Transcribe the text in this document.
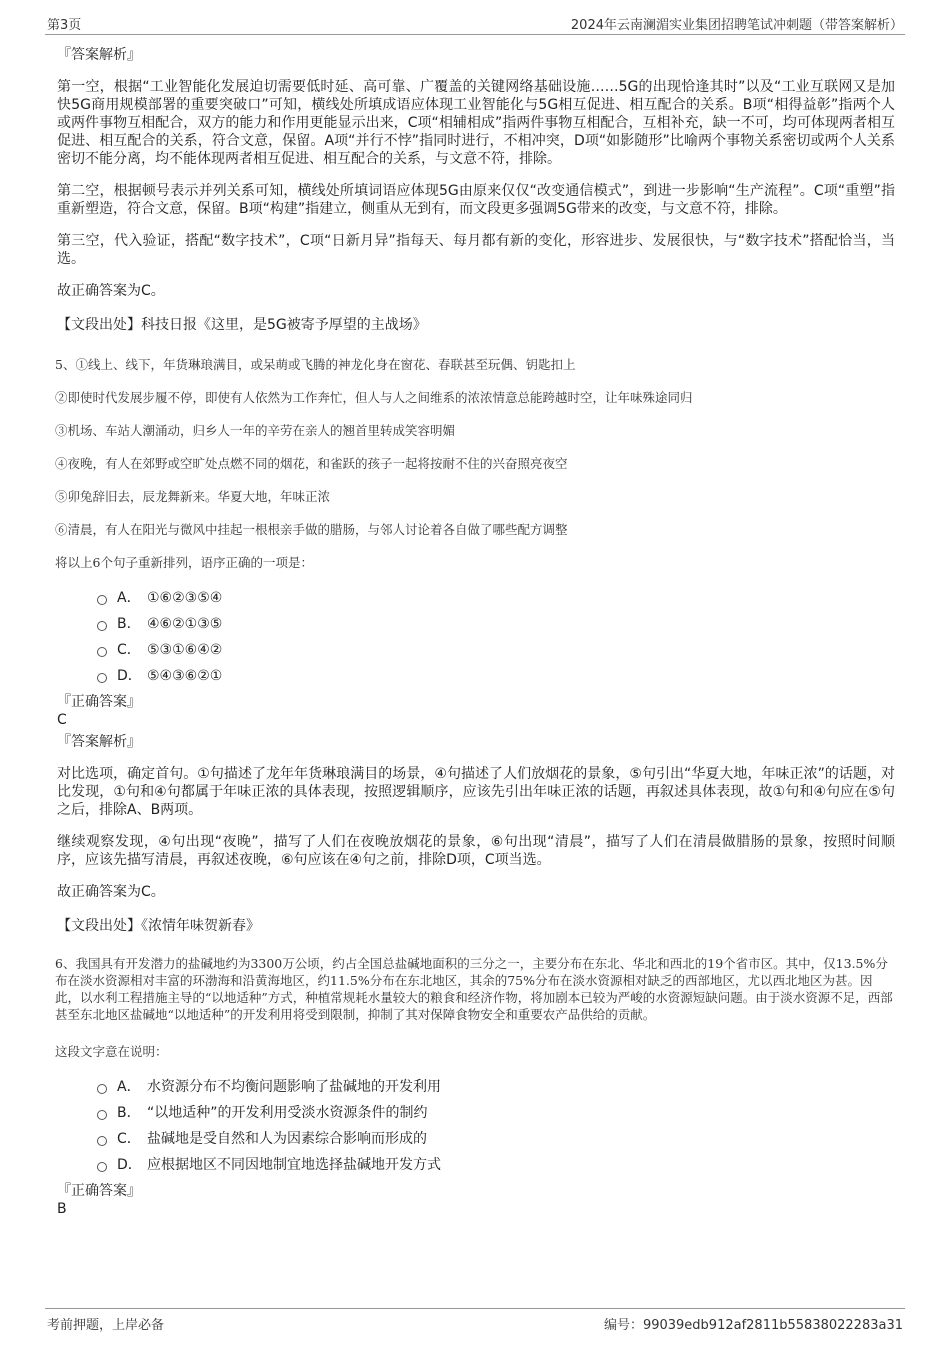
第3页	2024年云南澜湄实业集团招聘笔试冲刺题（带答案解析）
『答案解析』
第一空，根据“工业智能化发展迫切需要低时延、高可靠、广覆盖的关键网络基础设施……5G的出现恰逢其时”以及“工业互联网又是加快5G商用规模部署的重要突破口”可知，横线处所填成语应体现工业智能化与5G相互促进、相互配合的关系。B项“相得益彰”指两个人或两件事物互相配合，双方的能力和作用更能显示出来，C项“相辅相成”指两件事物互相配合，互相补充，缺一不可，均可体现两者相互促进、相互配合的关系，符合文意，保留。A项“并行不悖”指同时进行，不相冲突，D项“如影随形”比喻两个事物关系密切或两个人关系密切不能分离，均不能体现两者相互促进、相互配合的关系，与文意不符，排除。
第二空，根据顿号表示并列关系可知，横线处所填词语应体现5G由原来仅仅“改变通信模式”，到进一步影响“生产流程”。C项“重塑”指重新塑造，符合文意，保留。B项“构建”指建立，侧重从无到有，而文段更多强调5G带来的改变，与文意不符，排除。
第三空，代入验证，搭配“数字技术”，C项“日新月异”指每天、每月都有新的变化，形容进步、发展很快，与“数字技术”搭配恰当，当选。
故正确答案为C。
【文段出处】科技日报《这里，是5G被寄予厚望的主战场》
5、①线上、线下，年货琳琅满目，或呆萌或飞腾的神龙化身在窗花、春联甚至玩偶、钥匙扣上
②即使时代发展步履不停，即使有人依然为工作奔忙，但人与人之间维系的浓浓情意总能跨越时空，让年味殊途同归
③机场、车站人潮涌动，归乡人一年的辛劳在亲人的翘首里转成笑容明媚
④夜晚，有人在郊野或空旷处点燃不同的烟花，和雀跃的孩子一起将按耐不住的兴奋照亮夜空
⑤卯兔辞旧去，辰龙舞新来。华夏大地，年味正浓
⑥清晨，有人在阳光与微风中挂起一根根亲手做的腊肠，与邻人讨论着各自做了哪些配方调整
将以上6个句子重新排列，语序正确的一项是：
A． ①⑥②③⑤④
B． ④⑥②①③⑤
C． ⑤③①⑥④②
D． ⑤④③⑥②①
『正确答案』
C
『答案解析』
对比选项，确定首句。①句描述了龙年年货琳琅满目的场景，④句描述了人们放烟花的景象，⑤句引出“华夏大地，年味正浓”的话题，对比发现，①句和④句都属于年味正浓的具体表现，按照逻辑顺序，应该先引出年味正浓的话题，再叙述具体表现，故①句和④句应在⑤句之后，排除A、B两项。
继续观察发现，④句出现“夜晚”，描写了人们在夜晚放烟花的景象，⑥句出现“清晨”，描写了人们在清晨做腊肠的景象，按照时间顺序，应该先描写清晨，再叙述夜晚，⑥句应该在④句之前，排除D项，C项当选。
故正确答案为C。
【文段出处】《浓情年味贺新春》
6、我国具有开发潜力的盐碱地约为3300万公顷，约占全国总盐碱地面积的三分之一，主要分布在东北、华北和西北的19个省市区。其中，仅13.5%分布在淡水资源相对丰富的环渤海和沿黄海地区，约11.5%分布在东北地区，其余的75%分布在淡水资源相对缺乏的西部地区，尤以西北地区为甚。因此，以水利工程措施主导的“以地适种”方式，种植常规耗水量较大的粮食和经济作物，将加剧本已较为严峻的水资源短缺问题。由于淡水资源不足，西部甚至东北地区盐碱地“以地适种”的开发利用将受到限制，抑制了其对保障食物安全和重要农产品供给的贡献。
这段文字意在说明：
A． 水资源分布不均衡问题影响了盐碱地的开发利用
B． “以地适种”的开发利用受淡水资源条件的制约
C． 盐碱地是受自然和人为因素综合影响而形成的
D． 应根据地区不同因地制宜地选择盐碱地开发方式
『正确答案』
B
考前押题，上岸必备	编号：99039edb912af2811b55838022283a31
